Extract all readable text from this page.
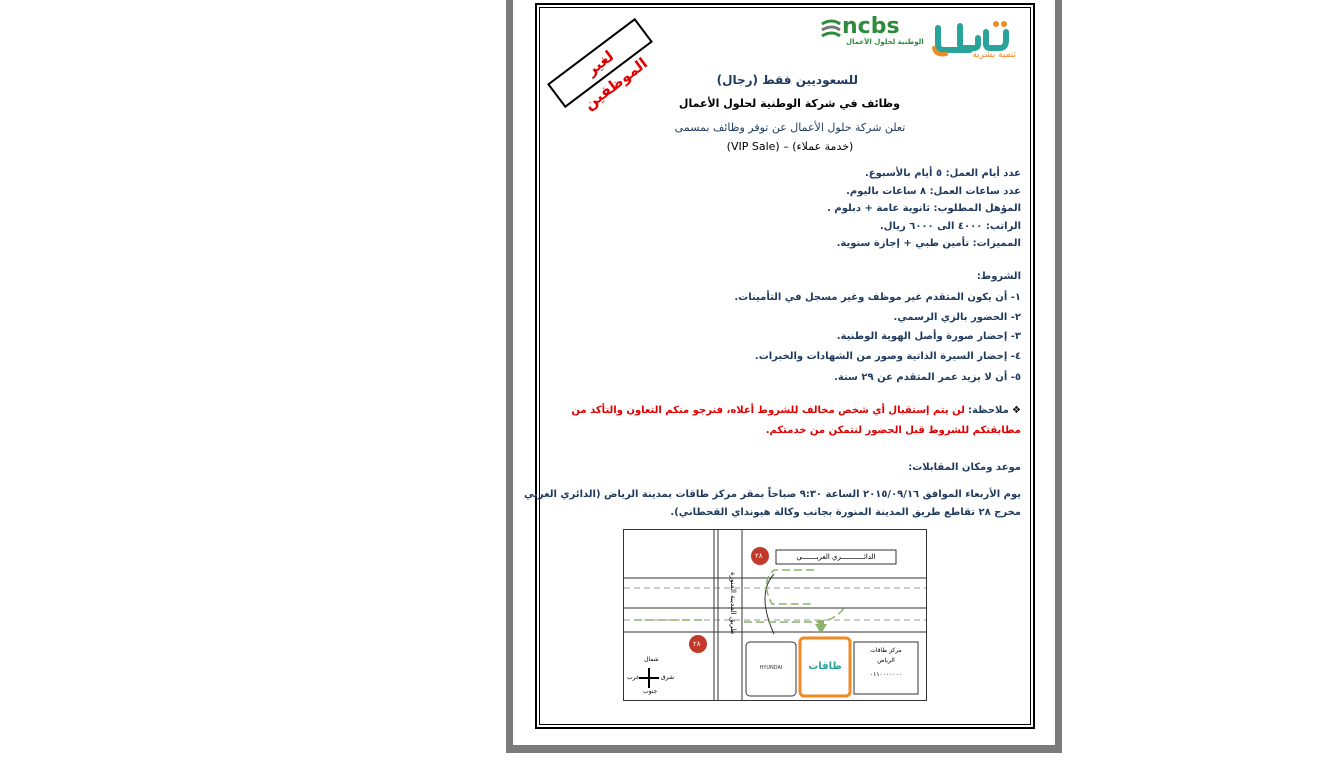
لغير الموظفين	تنمية بشرية
ncbs
الوطنية لحلول الأعمال
للسعوديين فقط (رجال)
وظائف في شركة الوطنية لحلول الأعمال
تعلن شركة حلول الأعمال عن توفر وظائف بمسمى
(خدمة عملاء) – (VIP Sale)
عدد أيام العمل: ٥ أيام بالأسبوع.
عدد ساعات العمل: ٨ ساعات باليوم.
المؤهل المطلوب: ثانوية عامة + دبلوم .
الراتب: ٤٠٠٠ الى ٦٠٠٠ ريال.
المميزات: تأمين طبي + إجازة سنوية.
الشروط:
١- أن يكون المتقدم غير موظف وغير مسجل في التأمينات.
٢- الحضور بالزي الرسمي.
٣- إحضار صورة وأصل الهوية الوطنية.
٤- إحضار السيرة الذاتية وصور من الشهادات والخبرات.
٥- أن لا يزيد عمر المتقدم عن ٢٩ سنة.
❖ ملاحظة: لن يتم إستقبال أي شخص مخالف للشروط أعلاه، فنرجو منكم التعاون والتأكد من
مطابقتكم للشروط قبل الحضور لنتمكن من خدمتكم.
موعد ومكان المقابلات:
يوم الأربعاء الموافق ٢٠١٥/٠٩/١٦ الساعة ٩:٣٠ صباحاً بمقر مركز طاقات بمدينة الرياض (الدائري الغربي
مخرج ٢٨ تقاطع طريق المدينة المنورة بجانب وكالة هيونداي القحطاني).
الدائـــــــــــري الغربـــــــي
طريق المدينة المنورة
٢٨
٢٨
شمال
جنوب
شرق
غرب
HYUNDAI	طاقات
مركز طاقات
الرياض
٠١١٠٠٠٠٠٠٠
